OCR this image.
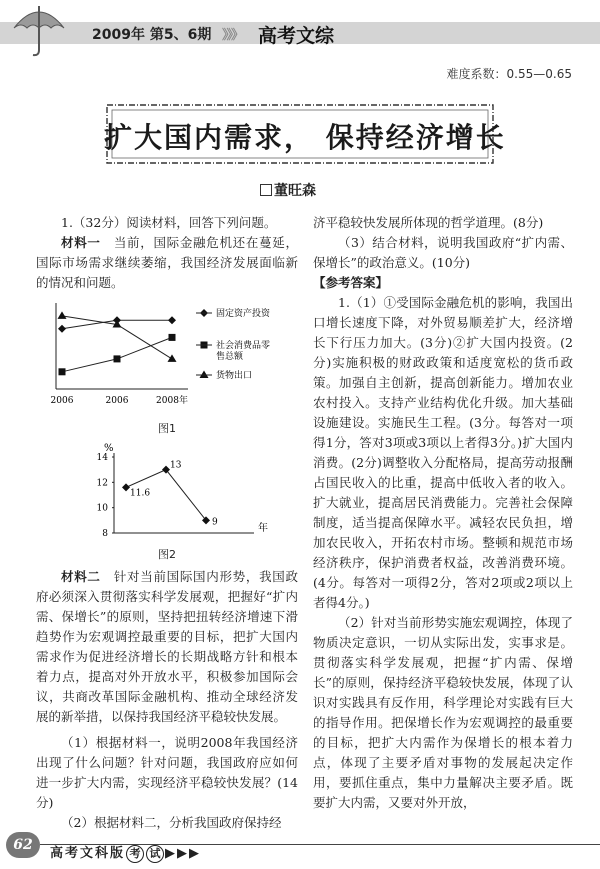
2009年 第5、6期 》》》 高考文综
难度系数：0.55—0.65
扩大国内需求， 保持经济增长
董旺森

1.（32分）阅读材料，回答下列问题。

材料一　当前，国际金融危机还在蔓延，国际市场需求继续萎缩，我国经济发展面临新的情况和问题。

2006	2006	2008年
固定资产投资
社会消费品零
售总额
货物出口
图1
%
14
12
10
8	年
11.6
13
9
图2

材料二　针对当前国际国内形势，我国政府必须深入贯彻落实科学发展观，把握好“扩内需、保增长”的原则，坚持把扭转经济增速下滑趋势作为宏观调控最重要的目标，把扩大国内需求作为促进经济增长的长期战略方针和根本着力点，提高对外开放水平，积极参加国际会议，共商改革国际金融机构、推动全球经济发展的新举措，以保持我国经济平稳较快发展。

（1）根据材料一，说明2008年我国经济出现了什么问题？针对问题，我国政府应如何进一步扩大内需，实现经济平稳较快发展？(14分)

（2）根据材料二，分析我国政府保持经

济平稳较快发展所体现的哲学道理。(8分)

（3）结合材料，说明我国政府“扩内需、保增长”的政治意义。(10分)

【参考答案】

1.（1）①受国际金融危机的影响，我国出口增长速度下降，对外贸易顺差扩大，经济增长下行压力加大。(3分)②扩大国内投资。(2分)实施积极的财政政策和适度宽松的货币政策。加强自主创新，提高创新能力。增加农业农村投入。支持产业结构优化升级。加大基础设施建设。实施民生工程。(3分。每答对一项得1分，答对3项或3项以上者得3分。)扩大国内消费。(2分)调整收入分配格局，提高劳动报酬占国民收入的比重，提高中低收入者的收入。扩大就业，提高居民消费能力。完善社会保障制度，适当提高保障水平。减轻农民负担，增加农民收入，开拓农村市场。整顿和规范市场经济秩序，保护消费者权益，改善消费环境。(4分。每答对一项得2分，答对2项或2项以上者得4分。)

（2）针对当前形势实施宏观调控，体现了物质决定意识，一切从实际出发，实事求是。贯彻落实科学发展观，把握“扩内需、保增长”的原则，保持经济平稳较快发展，体现了认识对实践具有反作用，科学理论对实践有巨大的指导作用。把保增长作为宏观调控的最重要的目标，把扩大内需作为保增长的根本着力点，体现了主要矛盾对事物的发展起决定作用，要抓住重点，集中力量解决主要矛盾。既要扩大内需，又要对外开放，

62
高考文科版 考 试 ▶▶▶
